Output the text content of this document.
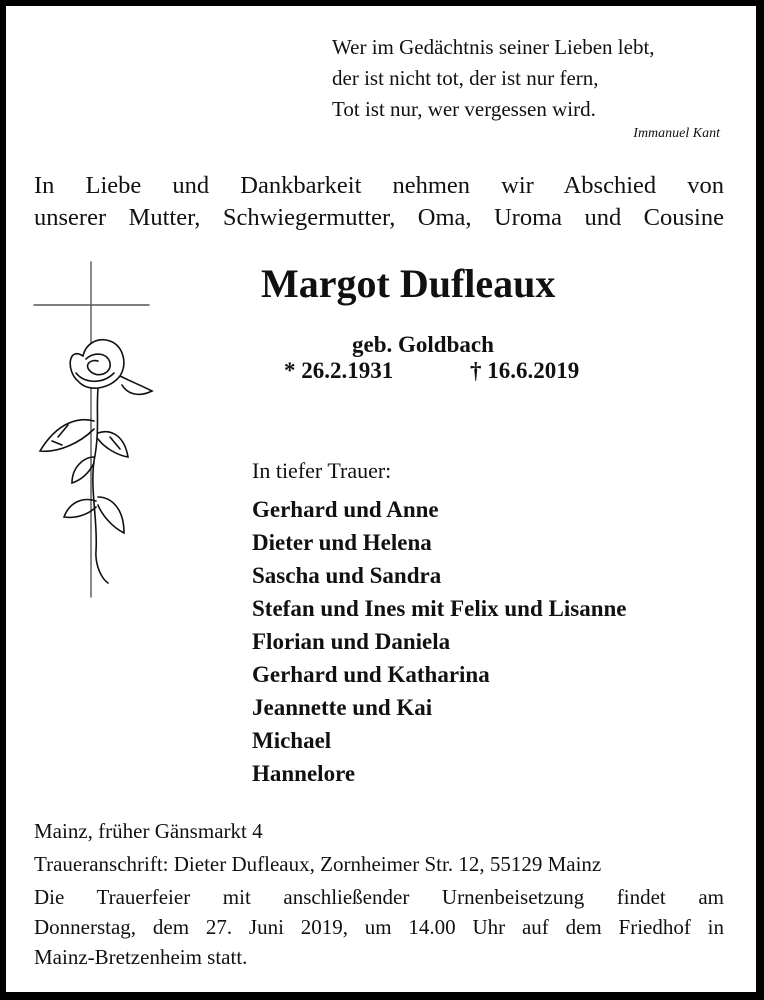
Wer im Gedächtnis seiner Lieben lebt,
der ist nicht tot, der ist nur fern,
Tot ist nur, wer vergessen wird.
Immanuel Kant
In Liebe und Dankbarkeit nehmen wir Abschied von
unserer Mutter, Schwiegermutter, Oma, Uroma und Cousine
Margot Dufleaux
geb. Goldbach
* 26.2.1931	† 16.6.2019
In tiefer Trauer:
Gerhard und Anne
Dieter und Helena
Sascha und Sandra
Stefan und Ines mit Felix und Lisanne
Florian und Daniela
Gerhard und Katharina
Jeannette und Kai
Michael
Hannelore
Mainz, früher Gänsmarkt 4
Traueranschrift: Dieter Dufleaux, Zornheimer Str. 12, 55129 Mainz
Die Trauerfeier mit anschließender Urnenbeisetzung findet am
Donnerstag, dem 27. Juni 2019, um 14.00 Uhr auf dem Friedhof in
Mainz-Bretzenheim statt.
